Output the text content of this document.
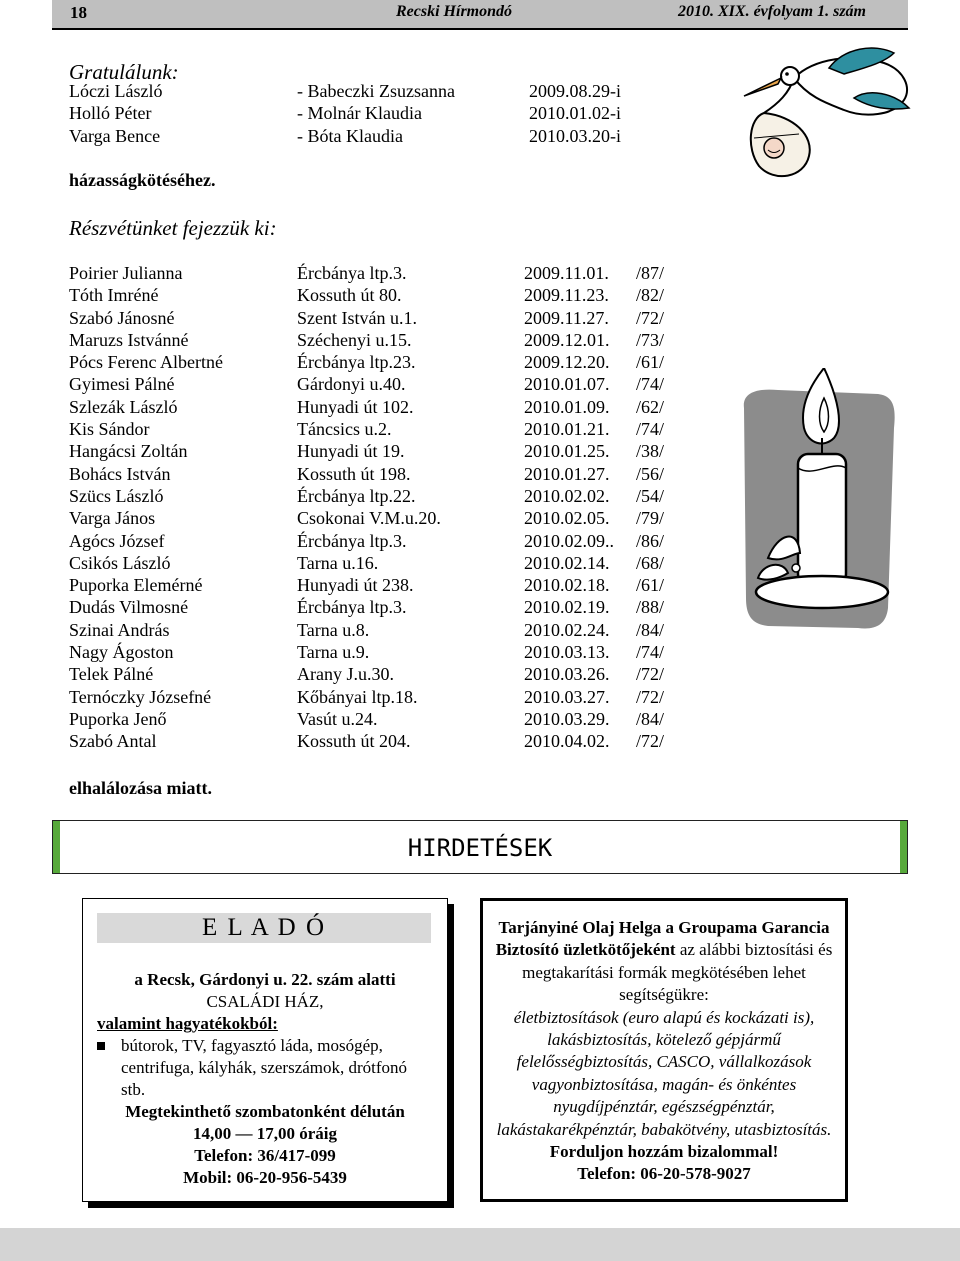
18	Recski Hírmondó	2010. XIX. évfolyam 1. szám
Gratulálunk:
Lóczi László	- Babeczki Zsuzsanna	2009.08.29-i
Holló Péter	- Molnár Klaudia	2010.01.02-i
Varga Bence	- Bóta Klaudia	2010.03.20-i
házasságkötéséhez.
Részvétünket fejezzük ki:
Poirier Julianna	Ércbánya ltp.3.	2009.11.01. /87/
Tóth Imréné	Kossuth út 80.	2009.11.23. /82/
Szabó Jánosné	Szent István u.1.	2009.11.27. /72/
Maruzs Istvánné	Széchenyi u.15.	2009.12.01. /73/
Pócs Ferenc Albertné	Ércbánya ltp.23.	2009.12.20. /61/
Gyimesi Pálné	Gárdonyi u.40.	2010.01.07. /74/
Szlezák László	Hunyadi út 102.	2010.01.09. /62/
Kis Sándor	Táncsics u.2.	2010.01.21. /74/
Hangácsi Zoltán	Hunyadi út 19.	2010.01.25. /38/
Bohács István	Kossuth út 198.	2010.01.27. /56/
Szücs László	Ércbánya ltp.22.	2010.02.02. /54/
Varga János	Csokonai V.M.u.20.	2010.02.05. /79/
Agócs József	Ércbánya ltp.3.	2010.02.09.. /86/
Csikós László	Tarna u.16.	2010.02.14. /68/
Puporka Elemérné	Hunyadi út 238.	2010.02.18. /61/
Dudás Vilmosné	Ércbánya ltp.3.	2010.02.19. /88/
Szinai András	Tarna u.8.	2010.02.24. /84/
Nagy Ágoston	Tarna u.9.	2010.03.13. /74/
Telek Pálné	Arany J.u.30.	2010.03.26. /72/
Ternóczky Józsefné	Kőbányai ltp.18.	2010.03.27. /72/
Puporka Jenő	Vasút u.24.	2010.03.29. /84/
Szabó Antal	Kossuth út 204.	2010.04.02. /72/
elhalálozása miatt.
HIRDETÉSEK
E L A D Ó
a Recsk, Gárdonyi u. 22. szám alatti
CSALÁDI HÁZ,
valamint hagyatékokból:
bútorok, TV, fagyasztó láda, mosógép, centrifuga, kályhák, szerszámok, drótfonó stb.
Megtekinthető szombatonként délután
14,00 — 17,00 óráig
Telefon: 36/417-099
Mobil: 06-20-956-5439
Tarjányiné Olaj Helga a Groupama Garancia Biztosító üzletkötőjeként az alábbi biztosítási és megtakarítási formák megkötésében lehet segítségükre:
életbiztosítások (euro alapú és kockázati is), lakásbiztosítás, kötelező gépjármű felelősségbiztosítás, CASCO, vállalkozások vagyonbiztosítása, magán- és önkéntes nyugdíjpénztár, egészségpénztár, lakástakarékpénztár, babakötvény, utasbiztosítás.
Forduljon hozzám bizalommal!
Telefon: 06-20-578-9027
